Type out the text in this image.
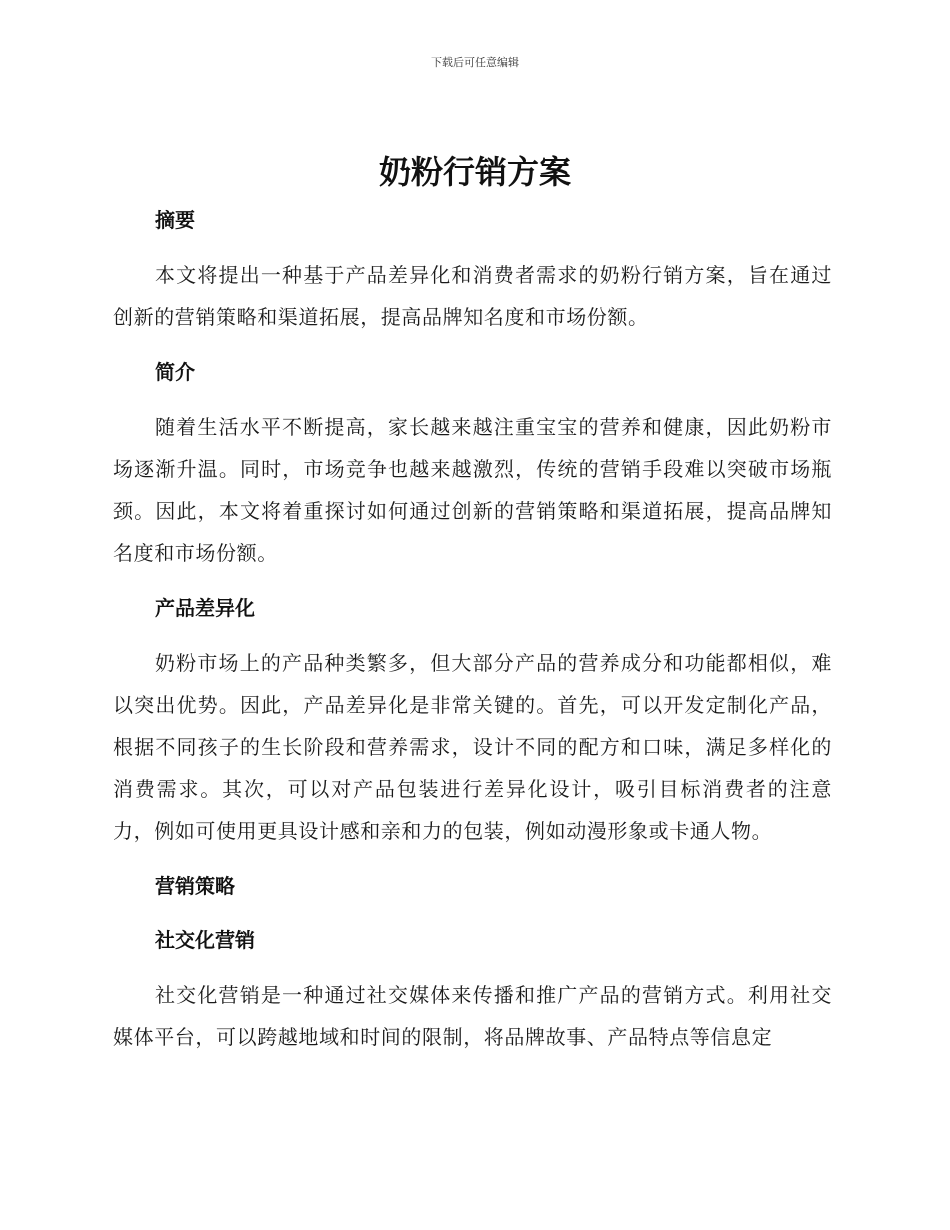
下载后可任意编辑

奶粉行销方案
摘要

本文将提出一种基于产品差异化和消费者需求的奶粉行销方案，旨在通过创新的营销策略和渠道拓展，提高品牌知名度和市场份额。

简介

随着生活水平不断提高，家长越来越注重宝宝的营养和健康，因此奶粉市场逐渐升温。同时，市场竞争也越来越激烈，传统的营销手段难以突破市场瓶颈。因此，本文将着重探讨如何通过创新的营销策略和渠道拓展，提高品牌知名度和市场份额。

产品差异化

奶粉市场上的产品种类繁多，但大部分产品的营养成分和功能都相似，难以突出优势。因此，产品差异化是非常关键的。首先，可以开发定制化产品，根据不同孩子的生长阶段和营养需求，设计不同的配方和口味，满足多样化的消费需求。其次，可以对产品包装进行差异化设计，吸引目标消费者的注意力，例如可使用更具设计感和亲和力的包装，例如动漫形象或卡通人物。

营销策略
社交化营销

社交化营销是一种通过社交媒体来传播和推广产品的营销方式。利用社交媒体平台，可以跨越地域和时间的限制，将品牌故事、产品特点等信息定
